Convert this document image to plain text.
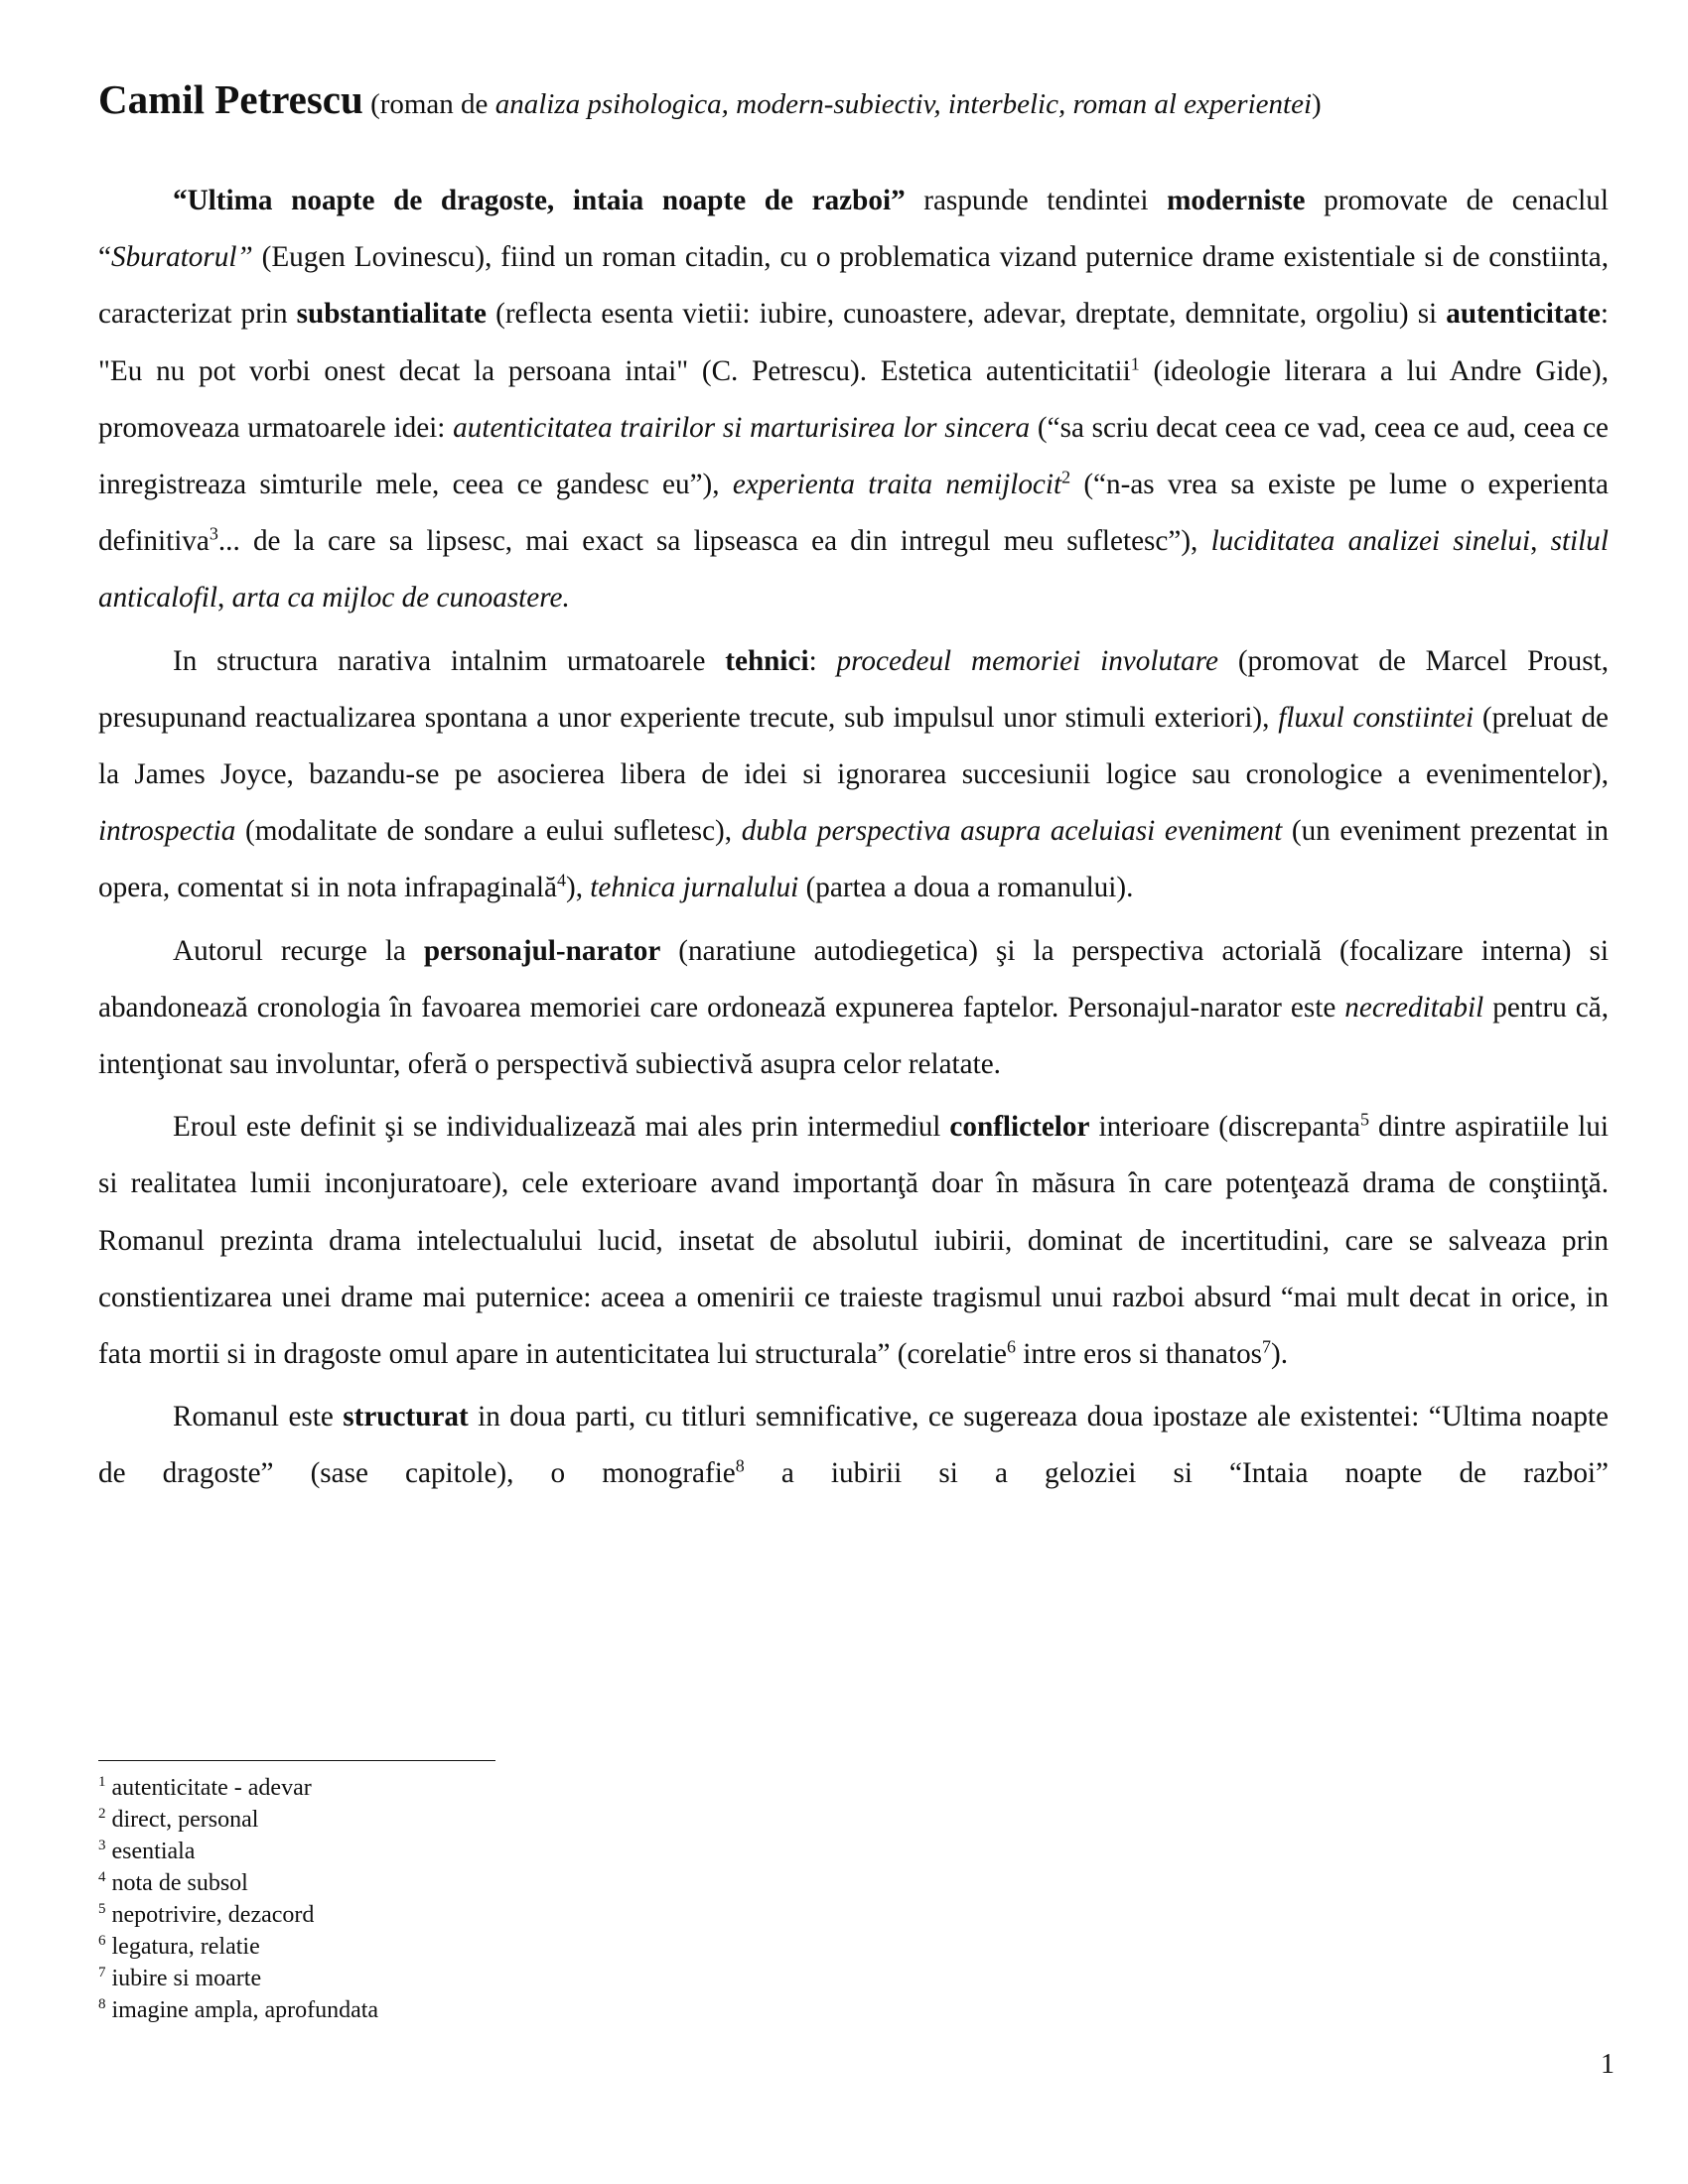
Camil Petrescu (roman de analiza psihologica, modern-subiectiv, interbelic, roman al experientei)

“Ultima noapte de dragoste, intaia noapte de razboi” raspunde tendintei moderniste promovate de cenaclul “Sburatorul” (Eugen Lovinescu), fiind un roman citadin, cu o problematica vizand puternice drame existentiale si de constiinta, caracterizat prin substantialitate (reflecta esenta vietii: iubire, cunoastere, adevar, dreptate, demnitate, orgoliu) si autenticitate: "Eu nu pot vorbi onest decat la persoana intai" (C. Petrescu). Estetica autenticitatii$^1$ (ideologie literara a lui Andre Gide), promoveaza urmatoarele idei: autenticitatea trairilor si marturisirea lor sincera (“sa scriu decat ceea ce vad, ceea ce aud, ceea ce inregistreaza simturile mele, ceea ce gandesc eu”), experienta traita nemijlocit$^2$ (“n-as vrea sa existe pe lume o experienta definitiva$^3$... de la care sa lipsesc, mai exact sa lipseasca ea din intregul meu sufletesc”), luciditatea analizei sinelui, stilul anticalofil, arta ca mijloc de cunoastere.

In structura narativa intalnim urmatoarele tehnici: procedeul memoriei involutare (promovat de Marcel Proust, presupunand reactualizarea spontana a unor experiente trecute, sub impulsul unor stimuli exteriori), fluxul constiintei (preluat de la James Joyce, bazandu-se pe asocierea libera de idei si ignorarea succesiunii logice sau cronologice a evenimentelor), introspectia (modalitate de sondare a eului sufletesc), dubla perspectiva asupra aceluiasi eveniment (un eveniment prezentat in opera, comentat si in nota infrapaginală$^4$), tehnica jurnalului (partea a doua a romanului).

Autorul recurge la personajul-narator (naratiune autodiegetica) şi la perspectiva actorială (focalizare interna) si abandonează cronologia în favoarea memoriei care ordonează expunerea faptelor. Personajul-narator este necreditabil pentru că, intenţionat sau involuntar, oferă o perspectivă subiectivă asupra celor relatate.

Eroul este definit şi se individualizează mai ales prin intermediul conflictelor interioare (discrepanta$^5$ dintre aspiratiile lui si realitatea lumii inconjuratoare), cele exterioare avand importanţă doar în măsura în care potenţează drama de conştiinţă. Romanul prezinta drama intelectualului lucid, insetat de absolutul iubirii, dominat de incertitudini, care se salveaza prin constientizarea unei drame mai puternice: aceea a omenirii ce traieste tragismul unui razboi absurd “mai mult decat in orice, in fata mortii si in dragoste omul apare in autenticitatea lui structurala” (corelatie$^6$ intre eros si thanatos$^7$).

Romanul este structurat in doua parti, cu titluri semnificative, ce sugereaza doua ipostaze ale existentei: “Ultima noapte de dragoste” (sase capitole), o monografie$^8$ a iubirii si a geloziei si “Intaia noapte de razboi”

$^1$ autenticitate - adevar
$^2$ direct, personal
$^3$ esentiala
$^4$ nota de subsol
$^5$ nepotrivire, dezacord
$^6$ legatura, relatie
$^7$ iubire si moarte
$^8$ imagine ampla, aprofundata
1
